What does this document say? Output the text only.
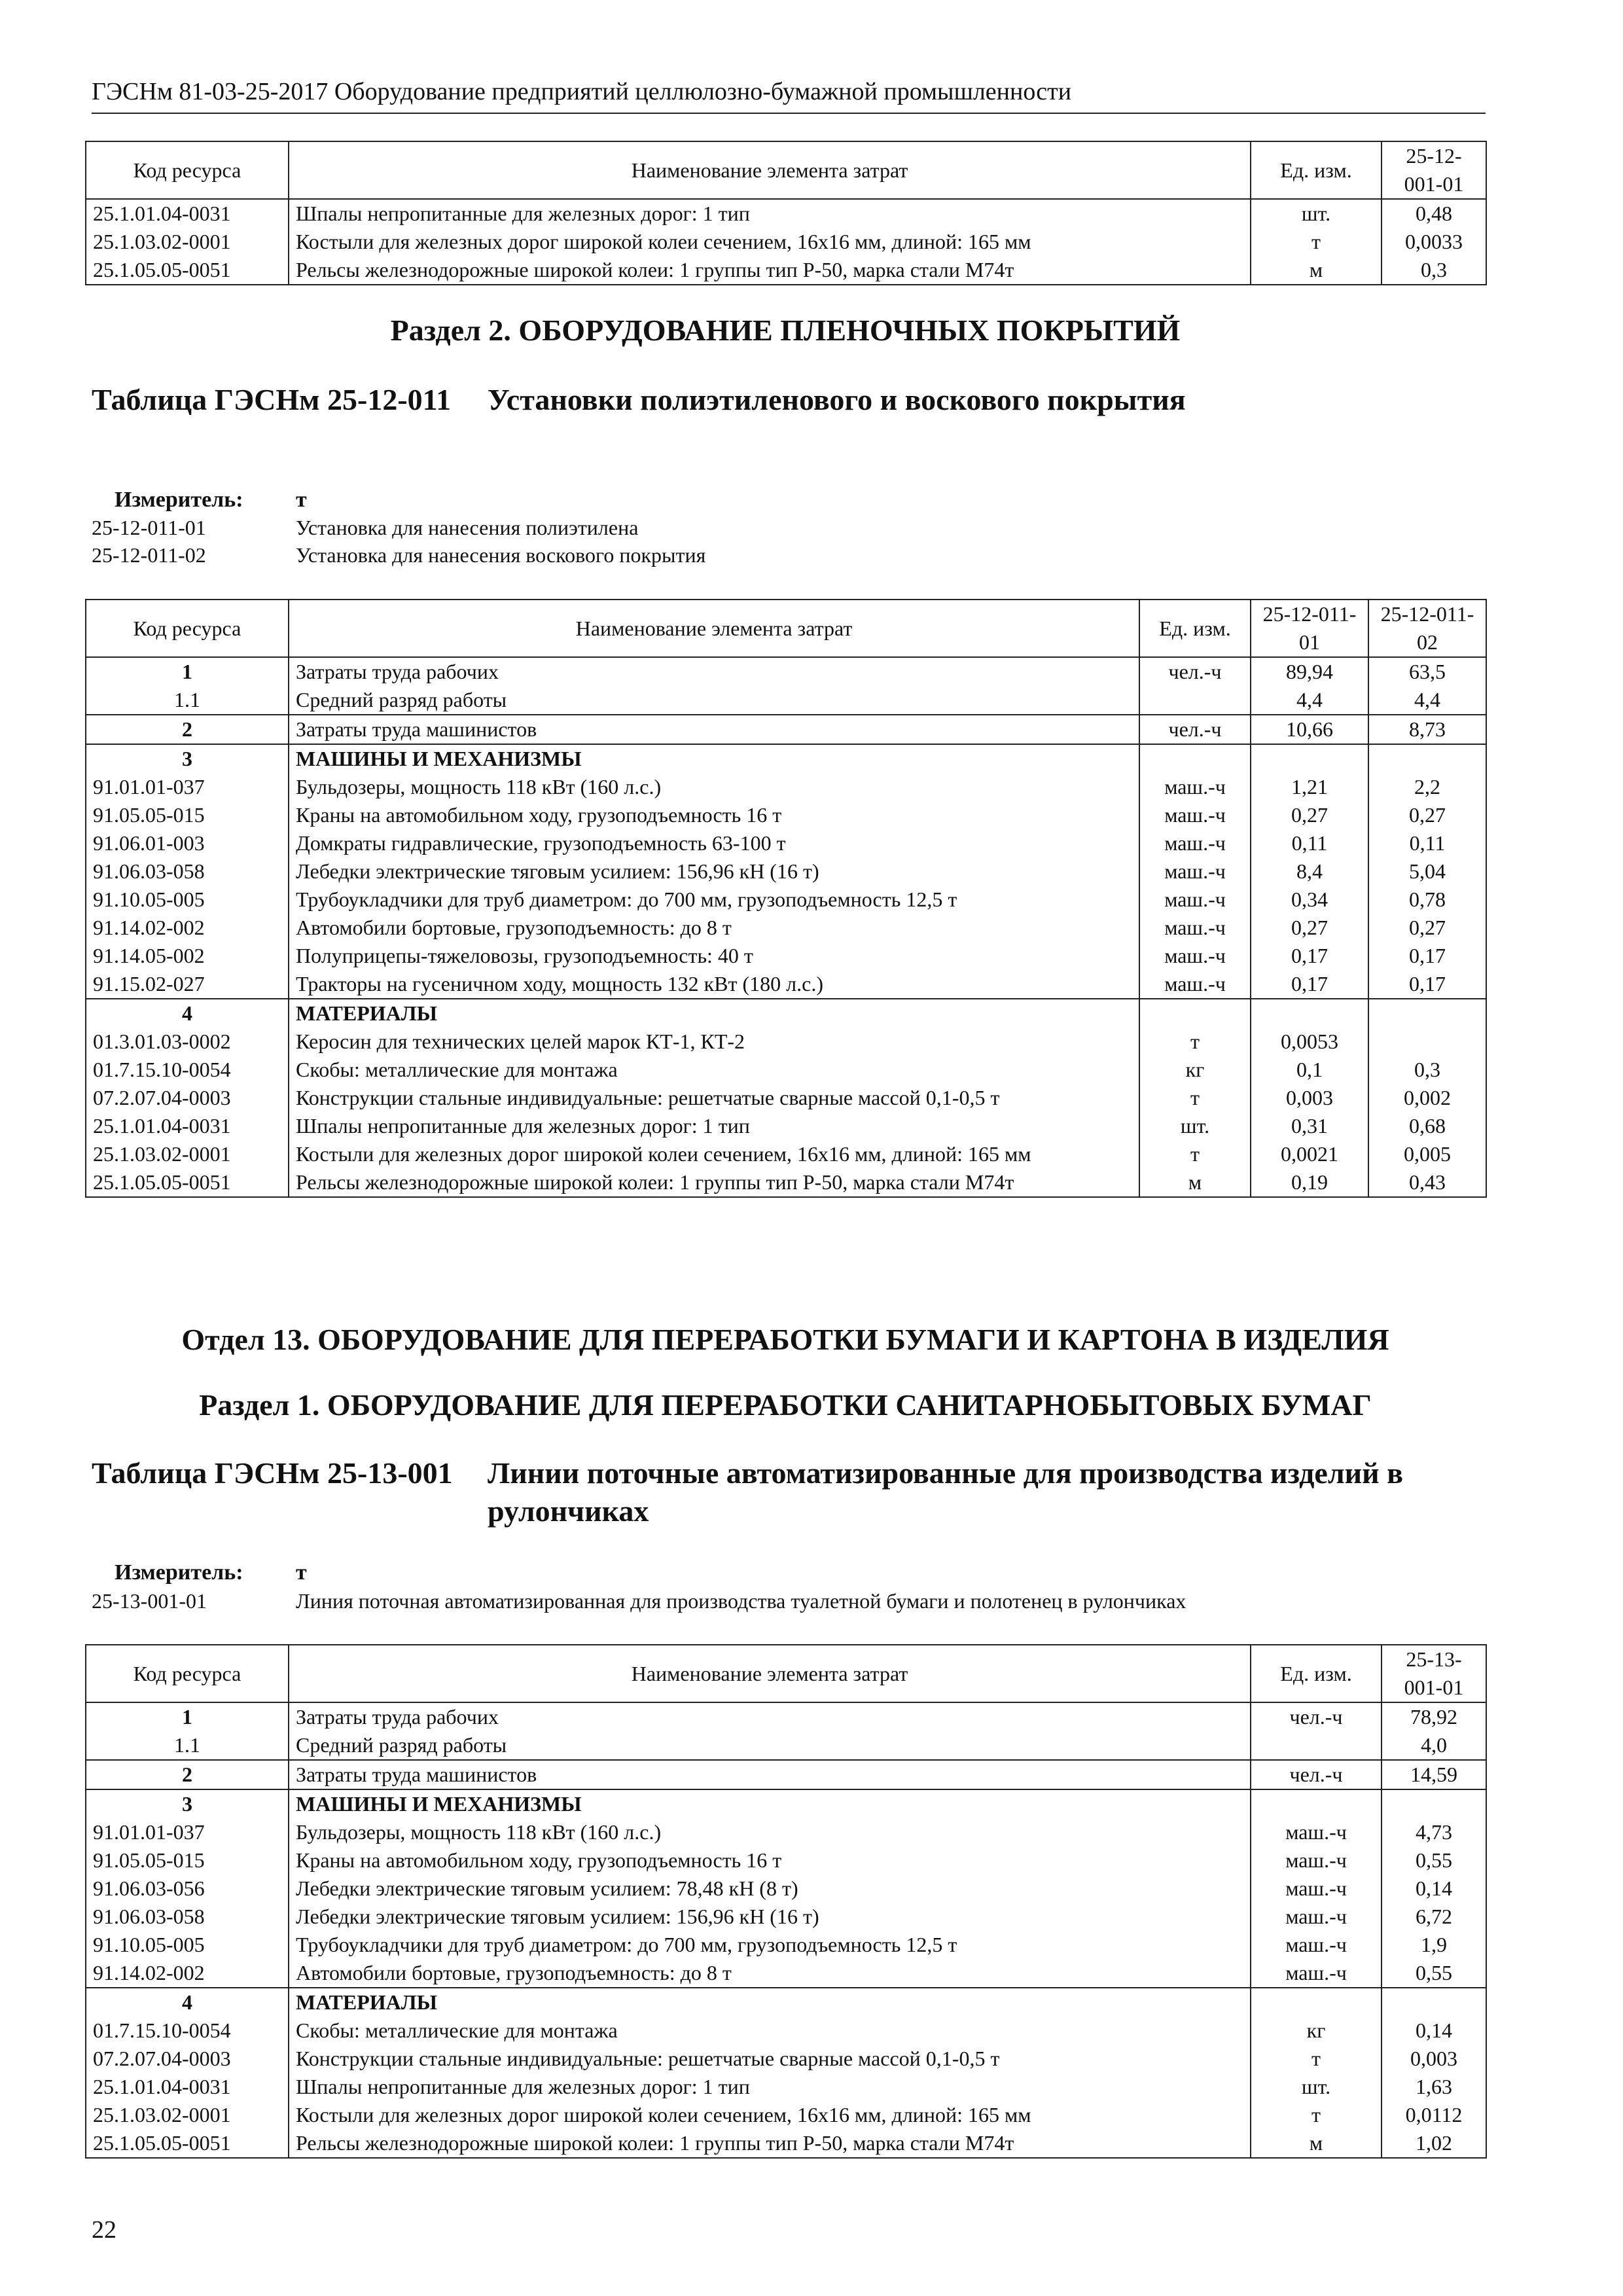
ГЭСНм 81-03-25-2017 Оборудование предприятий целлюлозно-бумажной промышленности
Код ресурса	Наименование элемента затрат	Ед. изм.	25-12-001-01
25.1.01.04-0031	Шпалы непропитанные для железных дорог: 1 тип	шт.	0,48
25.1.03.02-0001	Костыли для железных дорог широкой колеи сечением, 16х16 мм, длиной: 165 мм	т	0,0033
25.1.05.05-0051	Рельсы железнодорожные широкой колеи: 1 группы тип Р-50, марка стали М74т	м	0,3
Раздел 2. ОБОРУДОВАНИЕ ПЛЕНОЧНЫХ ПОКРЫТИЙ
Таблица ГЭСНм 25-12-011 Установки полиэтиленового и воскового покрытия
Измеритель: т
25-12-011-01	Установка для нанесения полиэтилена
25-12-011-02	Установка для нанесения воскового покрытия
Код ресурса	Наименование элемента затрат	Ед. изм.	25-12-011-01	25-12-011-02
1	Затраты труда рабочих	чел.-ч	89,94	63,5
1.1	Средний разряд работы		4,4	4,4
2	Затраты труда машинистов	чел.-ч	10,66	8,73
3	МАШИНЫ И МЕХАНИЗМЫ			
91.01.01-037	Бульдозеры, мощность 118 кВт (160 л.с.)	маш.-ч	1,21	2,2
91.05.05-015	Краны на автомобильном ходу, грузоподъемность 16 т	маш.-ч	0,27	0,27
91.06.01-003	Домкраты гидравлические, грузоподъемность 63-100 т	маш.-ч	0,11	0,11
91.06.03-058	Лебедки электрические тяговым усилием: 156,96 кН (16 т)	маш.-ч	8,4	5,04
91.10.05-005	Трубоукладчики для труб диаметром: до 700 мм, грузоподъемность 12,5 т	маш.-ч	0,34	0,78
91.14.02-002	Автомобили бортовые, грузоподъемность: до 8 т	маш.-ч	0,27	0,27
91.14.05-002	Полуприцепы-тяжеловозы, грузоподъемность: 40 т	маш.-ч	0,17	0,17
91.15.02-027	Тракторы на гусеничном ходу, мощность 132 кВт (180 л.с.)	маш.-ч	0,17	0,17
4	МАТЕРИАЛЫ			
01.3.01.03-0002	Керосин для технических целей марок КТ-1, КТ-2	т	0,0053	
01.7.15.10-0054	Скобы: металлические для монтажа	кг	0,1	0,3
07.2.07.04-0003	Конструкции стальные индивидуальные: решетчатые сварные массой 0,1-0,5 т	т	0,003	0,002
25.1.01.04-0031	Шпалы непропитанные для железных дорог: 1 тип	шт.	0,31	0,68
25.1.03.02-0001	Костыли для железных дорог широкой колеи сечением, 16х16 мм, длиной: 165 мм	т	0,0021	0,005
25.1.05.05-0051	Рельсы железнодорожные широкой колеи: 1 группы тип Р-50, марка стали М74т	м	0,19	0,43
Отдел 13. ОБОРУДОВАНИЕ ДЛЯ ПЕРЕРАБОТКИ БУМАГИ И КАРТОНА В ИЗДЕЛИЯ
Раздел 1. ОБОРУДОВАНИЕ ДЛЯ ПЕРЕРАБОТКИ САНИТАРНОБЫТОВЫХ БУМАГ
Таблица ГЭСНм 25-13-001 Линии поточные автоматизированные для производства изделий в рулончиках
Измеритель: т
25-13-001-01	Линия поточная автоматизированная для производства туалетной бумаги и полотенец в рулончиках
Код ресурса	Наименование элемента затрат	Ед. изм.	25-13-001-01
1	Затраты труда рабочих	чел.-ч	78,92
1.1	Средний разряд работы		4,0
2	Затраты труда машинистов	чел.-ч	14,59
3	МАШИНЫ И МЕХАНИЗМЫ		
91.01.01-037	Бульдозеры, мощность 118 кВт (160 л.с.)	маш.-ч	4,73
91.05.05-015	Краны на автомобильном ходу, грузоподъемность 16 т	маш.-ч	0,55
91.06.03-056	Лебедки электрические тяговым усилием: 78,48 кН (8 т)	маш.-ч	0,14
91.06.03-058	Лебедки электрические тяговым усилием: 156,96 кН (16 т)	маш.-ч	6,72
91.10.05-005	Трубоукладчики для труб диаметром: до 700 мм, грузоподъемность 12,5 т	маш.-ч	1,9
91.14.02-002	Автомобили бортовые, грузоподъемность: до 8 т	маш.-ч	0,55
4	МАТЕРИАЛЫ		
01.7.15.10-0054	Скобы: металлические для монтажа	кг	0,14
07.2.07.04-0003	Конструкции стальные индивидуальные: решетчатые сварные массой 0,1-0,5 т	т	0,003
25.1.01.04-0031	Шпалы непропитанные для железных дорог: 1 тип	шт.	1,63
25.1.03.02-0001	Костыли для железных дорог широкой колеи сечением, 16х16 мм, длиной: 165 мм	т	0,0112
25.1.05.05-0051	Рельсы железнодорожные широкой колеи: 1 группы тип Р-50, марка стали М74т	м	1,02
22
